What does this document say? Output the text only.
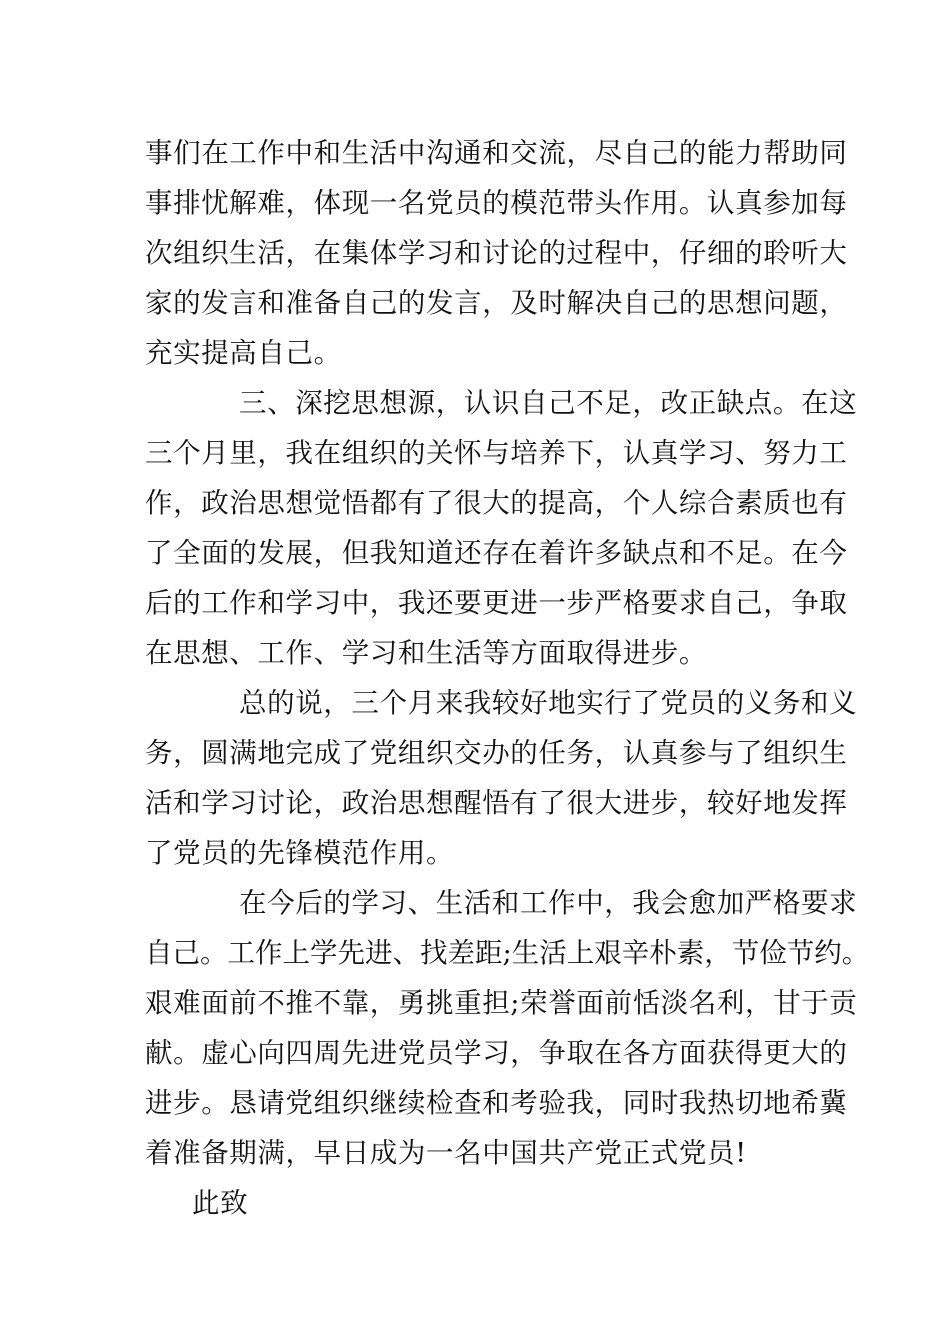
事们在工作中和生活中沟通和交流，尽自己的能力帮助同
事排忧解难，体现一名党员的模范带头作用。认真参加每
次组织生活，在集体学习和讨论的过程中，仔细的聆听大
家的发言和准备自己的发言，及时解决自己的思想问题，
充实提高自己。
三、深挖思想源，认识自己不足，改正缺点。在这
三个月里，我在组织的关怀与培养下，认真学习、努力工
作，政治思想觉悟都有了很大的提高，个人综合素质也有
了全面的发展，但我知道还存在着许多缺点和不足。在今
后的工作和学习中，我还要更进一步严格要求自己，争取
在思想、工作、学习和生活等方面取得进步。
总的说，三个月来我较好地实行了党员的义务和义
务，圆满地完成了党组织交办的任务，认真参与了组织生
活和学习讨论，政治思想醒悟有了很大进步，较好地发挥
了党员的先锋模范作用。
在今后的学习、生活和工作中，我会愈加严格要求
自己。工作上学先进、找差距;生活上艰辛朴素，节俭节约。
艰难面前不推不靠，勇挑重担;荣誉面前恬淡名利，甘于贡
献。虚心向四周先进党员学习，争取在各方面获得更大的
进步。恳请党组织继续检查和考验我，同时我热切地希冀
着准备期满，早日成为一名中国共产党正式党员!
此致
